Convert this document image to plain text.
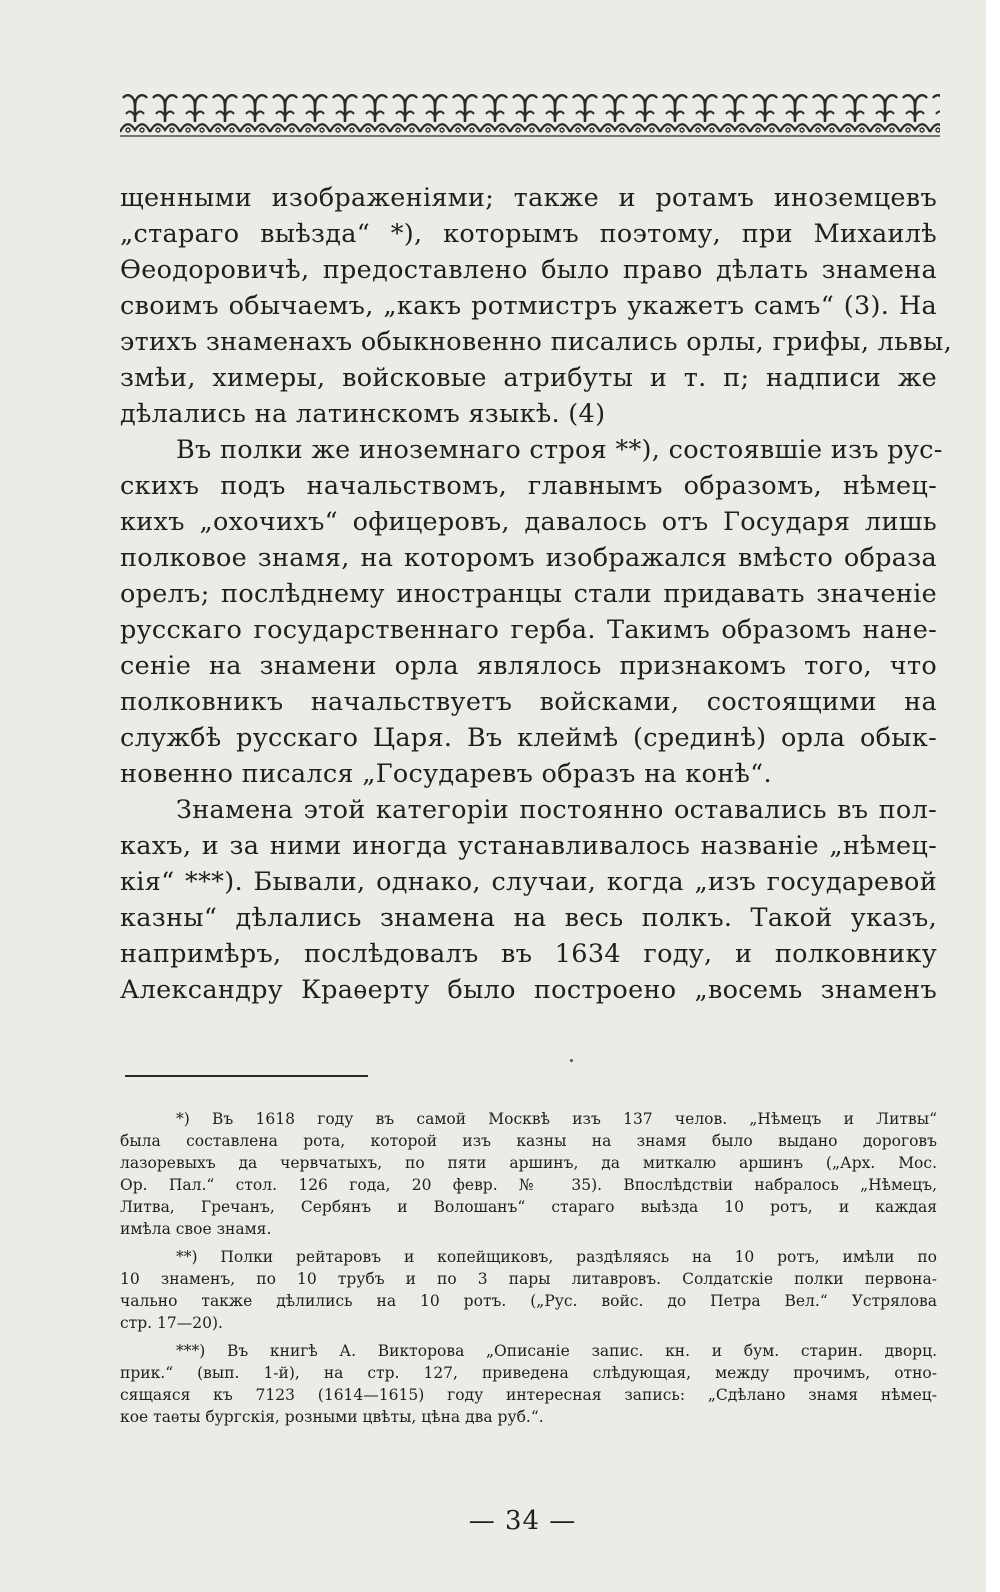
щенными изображеніями; также и ротамъ иноземцевъ
„стараго выѣзда“ *), которымъ поэтому, при Михаилѣ
Ѳеодоровичѣ, предоставлено было право дѣлать знамена
своимъ обычаемъ, „какъ ротмистръ укажетъ самъ“ (3). На
этихъ знаменахъ обыкновенно писались орлы, грифы, львы,
змѣи, химеры, войсковые атрибуты и т. п; надписи же
дѣлались на латинскомъ языкѣ. (4)
Въ полки же иноземнаго строя **), состоявшіе изъ рус-
скихъ подъ начальствомъ, главнымъ образомъ, нѣмец-
кихъ „охочихъ“ офицеровъ, давалось отъ Государя лишь
полковое знамя, на которомъ изображался вмѣсто образа
орелъ; послѣднему иностранцы стали придавать значеніе
русскаго государственнаго герба. Такимъ образомъ нане-
сеніе на знамени орла являлось признакомъ того, что
полковникъ начальствуетъ войсками, состоящими на
службѣ русскаго Царя. Въ клеймѣ (срединѣ) орла обык-
новенно писался „Государевъ образъ на конѣ“.
Знамена этой категоріи постоянно оставались въ пол-
кахъ, и за ними иногда устанавливалось названіе „нѣмец-
кія“ ***). Бывали, однако, случаи, когда „изъ государевой
казны“ дѣлались знамена на весь полкъ. Такой указъ,
напримѣръ, послѣдовалъ въ 1634 году, и полковнику
Александру Краѳерту было построено „восемь знаменъ
*) Въ 1618 году въ самой Москвѣ изъ 137 челов. „Нѣмецъ и Литвы“
была составлена рота, которой изъ казны на знамя было выдано дороговъ
лазоревыхъ да червчатыхъ, по пяти аршинъ, да миткалю аршинъ („Арх. Мос.
Ор. Пал.“ стол. 126 года, 20 февр. № 35). Впослѣдствіи набралось „Нѣмецъ,
Литва, Гречанъ, Сербянъ и Волошанъ“ стараго выѣзда 10 ротъ, и каждая
имѣла свое знамя.
**) Полки рейтаровъ и копейщиковъ, раздѣляясь на 10 ротъ, имѣли по
10 знаменъ, по 10 трубъ и по 3 пары литавровъ. Солдатскіе полки первона-
чально также дѣлились на 10 ротъ. („Рус. войс. до Петра Вел.“ Устрялова
стр. 17—20).
***) Въ книгѣ А. Викторова „Описаніе запис. кн. и бум. старин. дворц.
прик.“ (вып. 1-й), на стр. 127, приведена слѣдующая, между прочимъ, отно-
сящаяся къ 7123 (1614—1615) году интересная запись: „Сдѣлано знамя нѣмец-
кое таѳты бургскія, розными цвѣты, цѣна два руб.“.
— 34 —
